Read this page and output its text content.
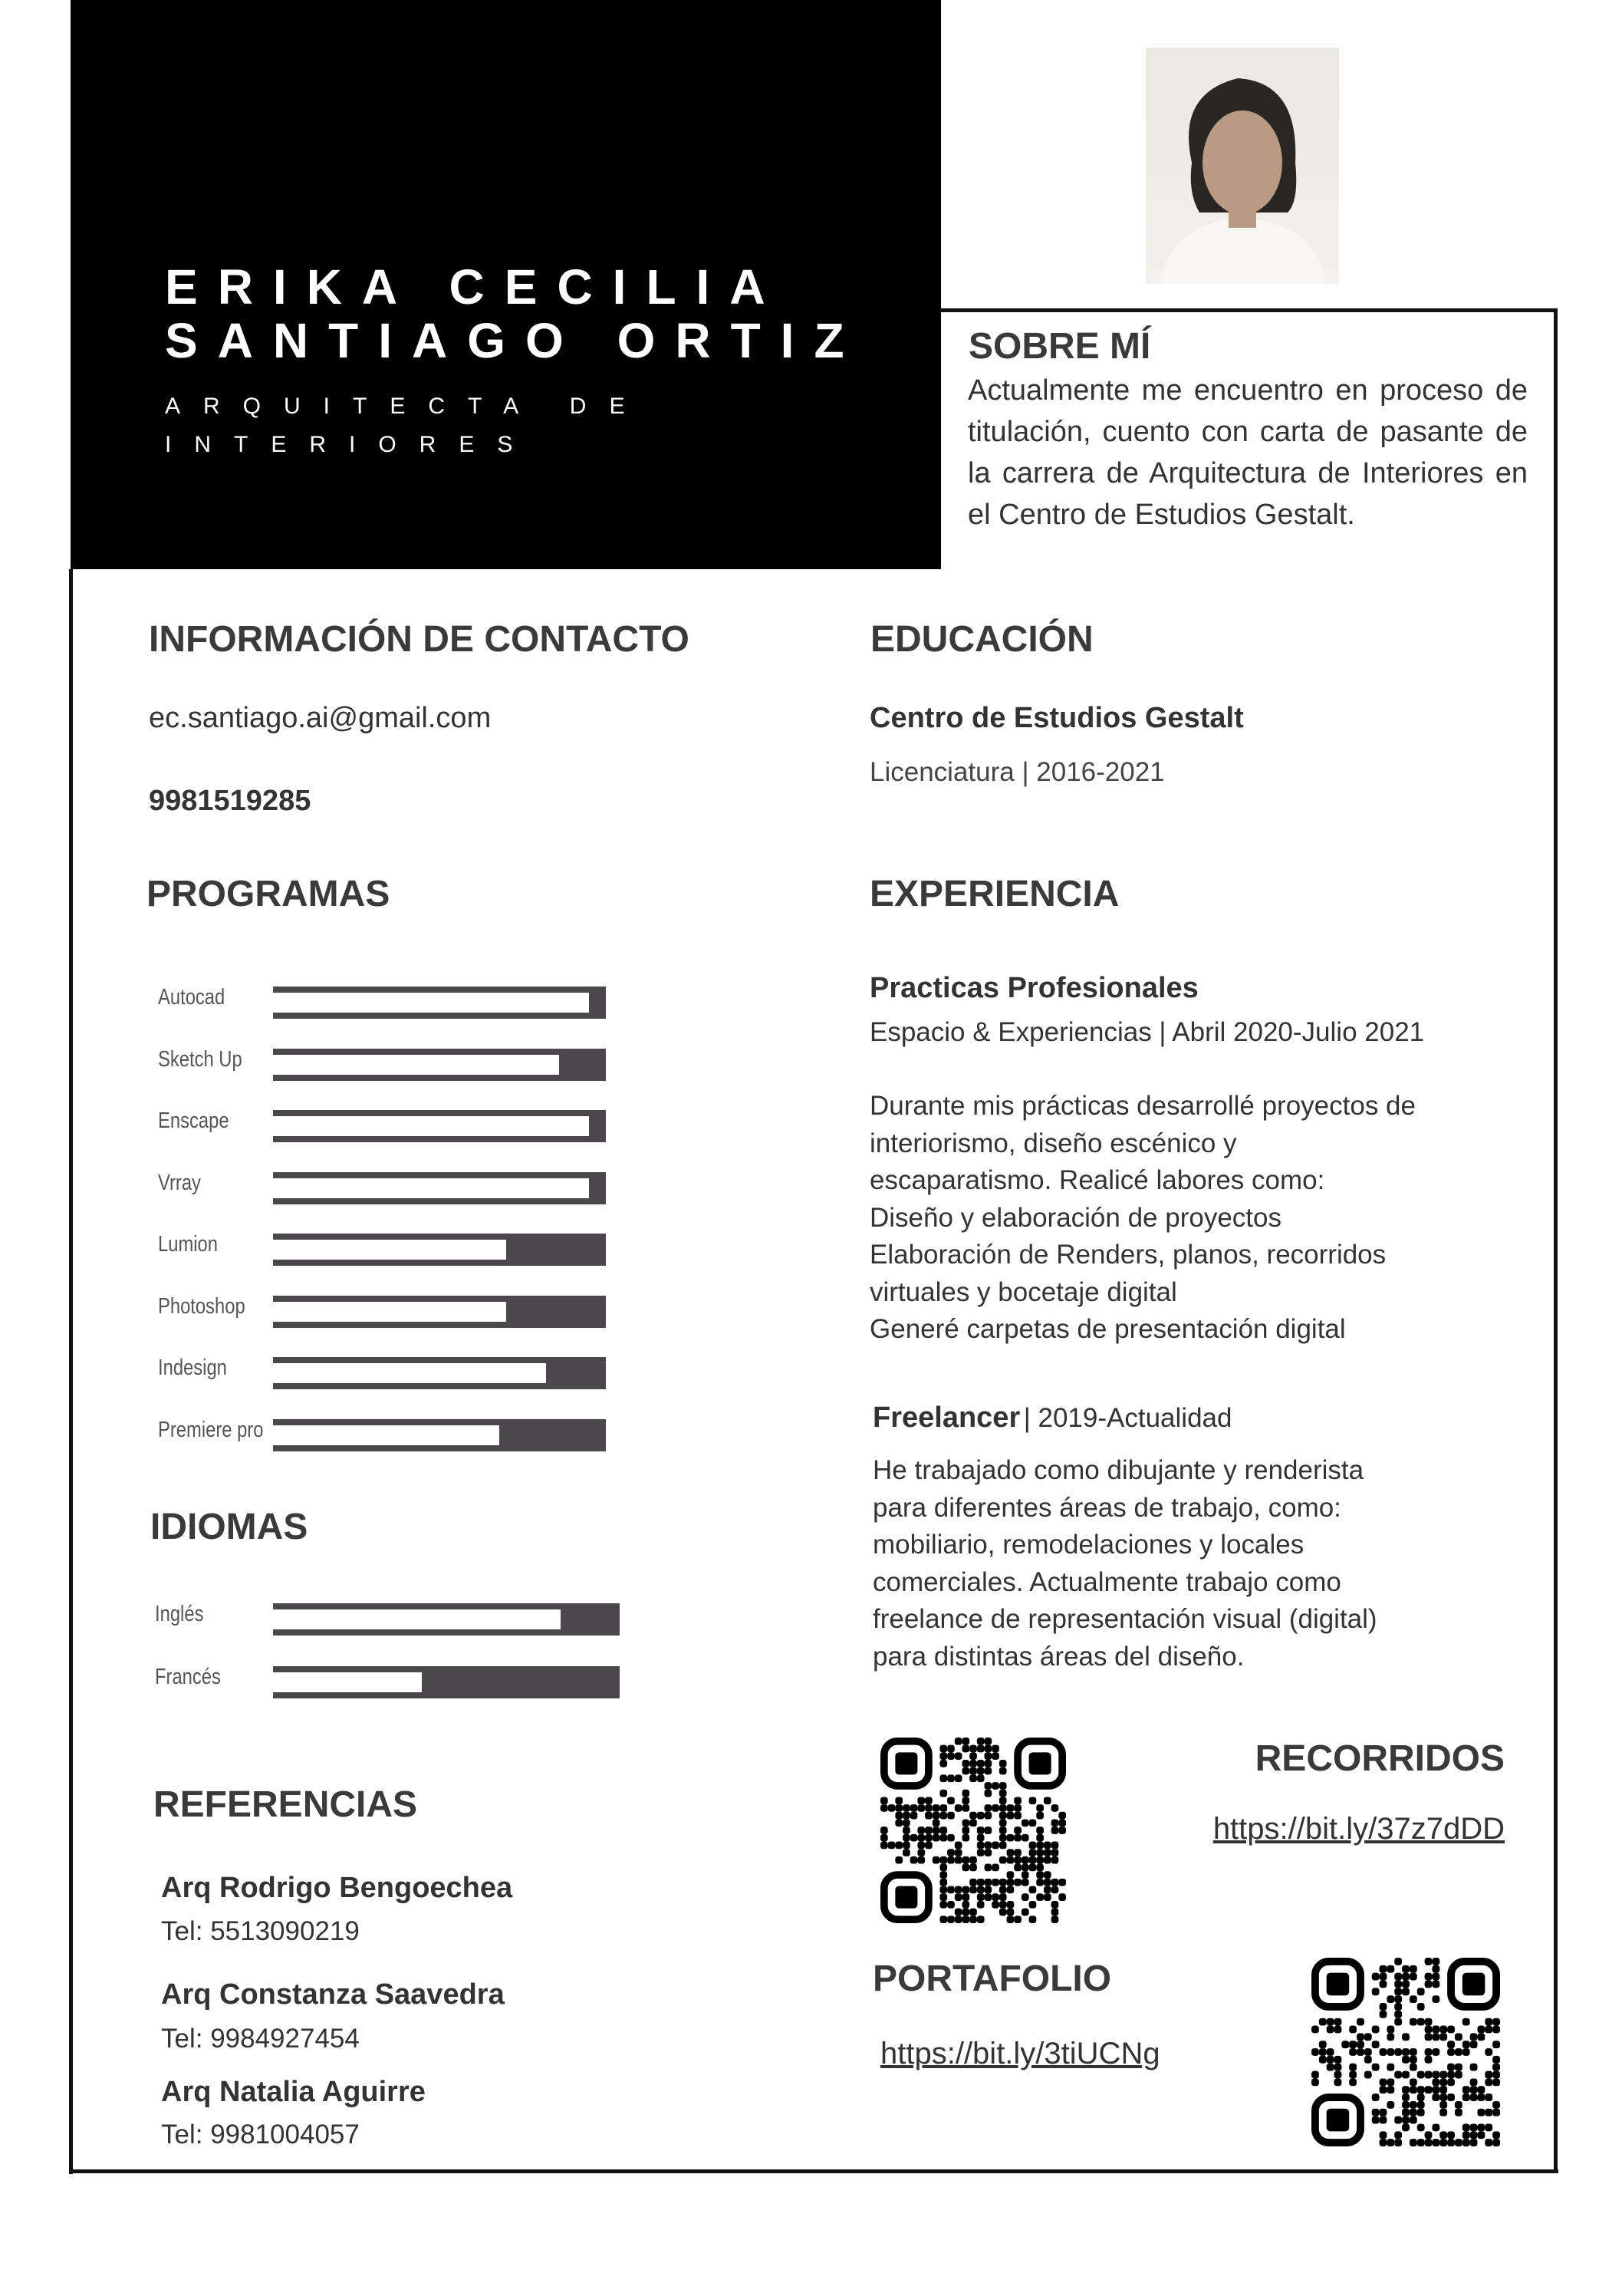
ERIKA CECILIA
SANTIAGO ORTIZ
ARQUITECTA DE
INTERIORES
SOBRE MÍ
Actualmente me encuentro en proceso de titulación, cuento con carta de pasante de la carrera de Arquitectura de Interiores en el Centro de Estudios Gestalt.
INFORMACIÓN DE CONTACTO
ec.santiago.ai@gmail.com
9981519285
PROGRAMAS
Autocad
Sketch Up
Enscape
Vrray
Lumion
Photoshop
Indesign
Premiere pro
IDIOMAS
Inglés
Francés
REFERENCIAS
Arq Rodrigo Bengoechea
Tel: 5513090219
Arq Constanza Saavedra
Tel: 9984927454
Arq Natalia Aguirre
Tel: 9981004057
EDUCACIÓN
Centro de Estudios Gestalt
Licenciatura | 2016-2021
EXPERIENCIA
Practicas Profesionales
Espacio & Experiencias | Abril 2020-Julio 2021
Durante mis prácticas desarrollé proyectos de
interiorismo, diseño escénico y
escaparatismo. Realicé labores como:
Diseño y elaboración de proyectos
Elaboración de Renders, planos, recorridos
virtuales y bocetaje digital
Generé carpetas de presentación digital
Freelancer | 2019-Actualidad
He trabajado como dibujante y renderista
para diferentes áreas de trabajo, como:
mobiliario, remodelaciones y locales
comerciales. Actualmente trabajo como
freelance de representación visual (digital)
para distintas áreas del diseño.
RECORRIDOS
https://bit.ly/37z7dDD
PORTAFOLIO
https://bit.ly/3tiUCNg
